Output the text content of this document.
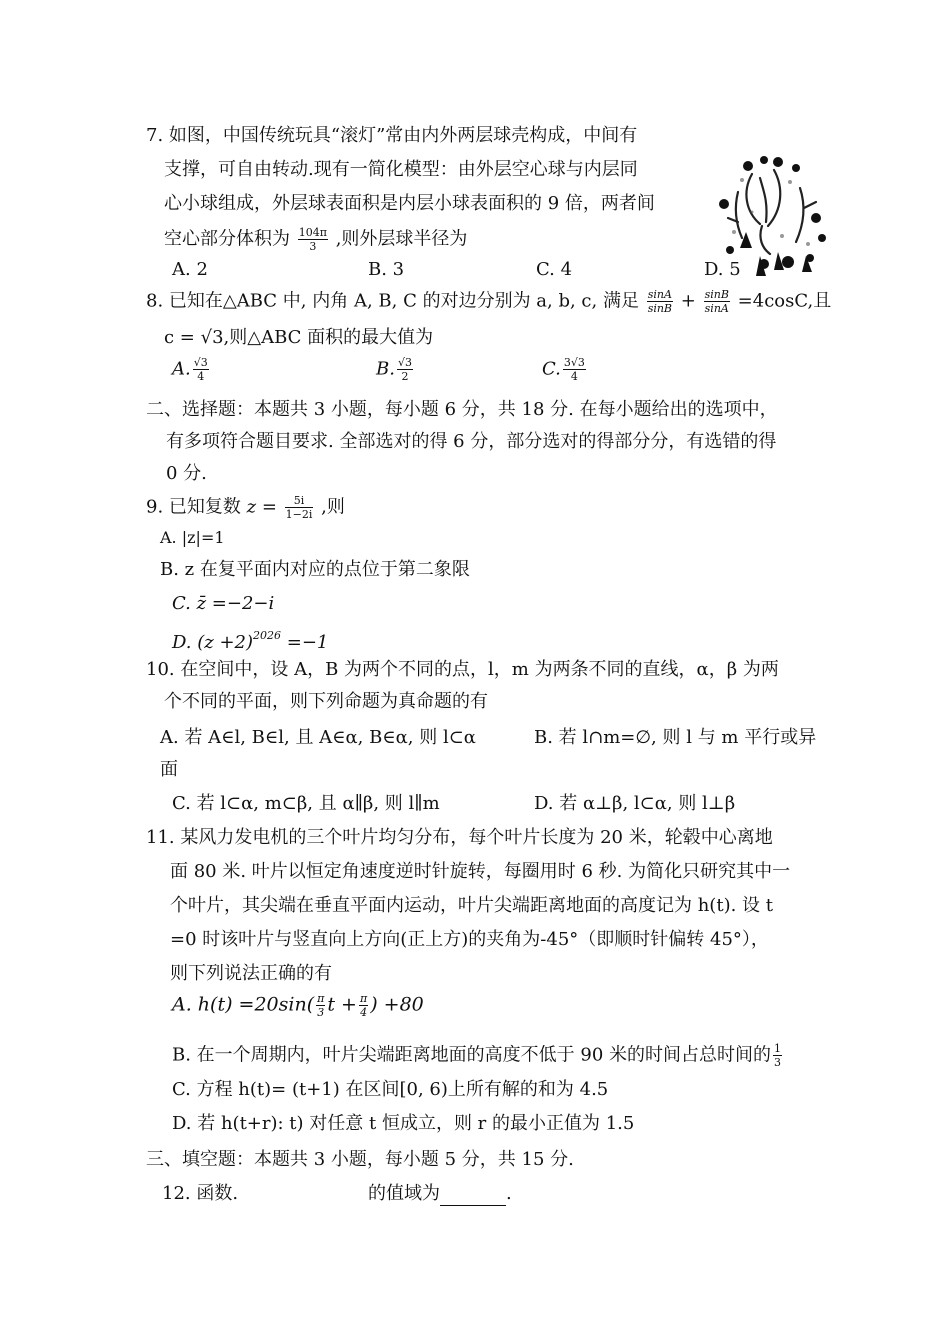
7. 如图，中国传统玩具“滚灯”常由内外两层球壳构成，中间有
支撑，可自由转动.现有一简化模型：由外层空心球与内层同
心小球组成，外层球表面积是内层小球表面积的 9 倍，两者间
空心部分体积为 $\frac{104\pi}{3}$ ,则外层球半径为
A. 2	B. 3	C. 4	D. 5
8. 已知在△ABC 中, 内角 A, B, C 的对边分别为 a, b, c, 满足 $\frac{\sin A}{\sin B} + \frac{\sin B}{\sin A} =4\cos C$,且
c = √3,则△ABC 面积的最大值为
A. $\frac{√3}{4}$	B. $\frac{√3}{2}$	C. $\frac{3√3}{4}$
二、选择题：本题共 3 小题，每小题 6 分，共 18 分. 在每小题给出的选项中，
有多项符合题目要求. 全部选对的得 6 分，部分选对的得部分分，有选错的得
0 分.
9. 已知复数 $z = \frac{5i}{1-2i}$ ,则
A. |z|=1
B. z 在复平面内对应的点位于第二象限
C. z̄ =−2−i
D. $(z +2)^{2026} =-1$
10. 在空间中，设 A，B 为两个不同的点，l，m 为两条不同的直线，α，β 为两
个不同的平面，则下列命题为真命题的有
A. 若 A∈l, B∈l, 且 A∈α, B∈α, 则 l⊂α	B. 若 l∩m=∅, 则 l 与 m 平行或异
面
C. 若 l⊂α, m⊂β, 且 α∥β, 则 l∥m	D. 若 α⊥β, l⊂α, 则 l⊥β
11. 某风力发电机的三个叶片均匀分布，每个叶片长度为 20 米，轮毂中心离地
面 80 米. 叶片以恒定角速度逆时针旋转，每圈用时 6 秒. 为简化只研究其中一
个叶片，其尖端在垂直平面内运动，叶片尖端距离地面的高度记为 h(t). 设 t
=0 时该叶片与竖直向上方向(正上方)的夹角为-45°（即顺时针偏转 45°），
则下列说法正确的有
A. $h(t) =20\sin( \frac{\pi}{3}$ $t + \frac{\pi}{4}$ ) +80
B. 在一个周期内，叶片尖端距离地面的高度不低于 90 米的时间占总时间的 $\frac{1}{3}$
C. 方程 h(t)= (t+1) 在区间[0, 6)上所有解的和为 4.5
D. 若 h(t+r): t) 对任意 t 恒成立，则 r 的最小正值为 1.5
三、填空题：本题共 3 小题，每小题 5 分，共 15 分.
12. 函数.	的值域为	.
